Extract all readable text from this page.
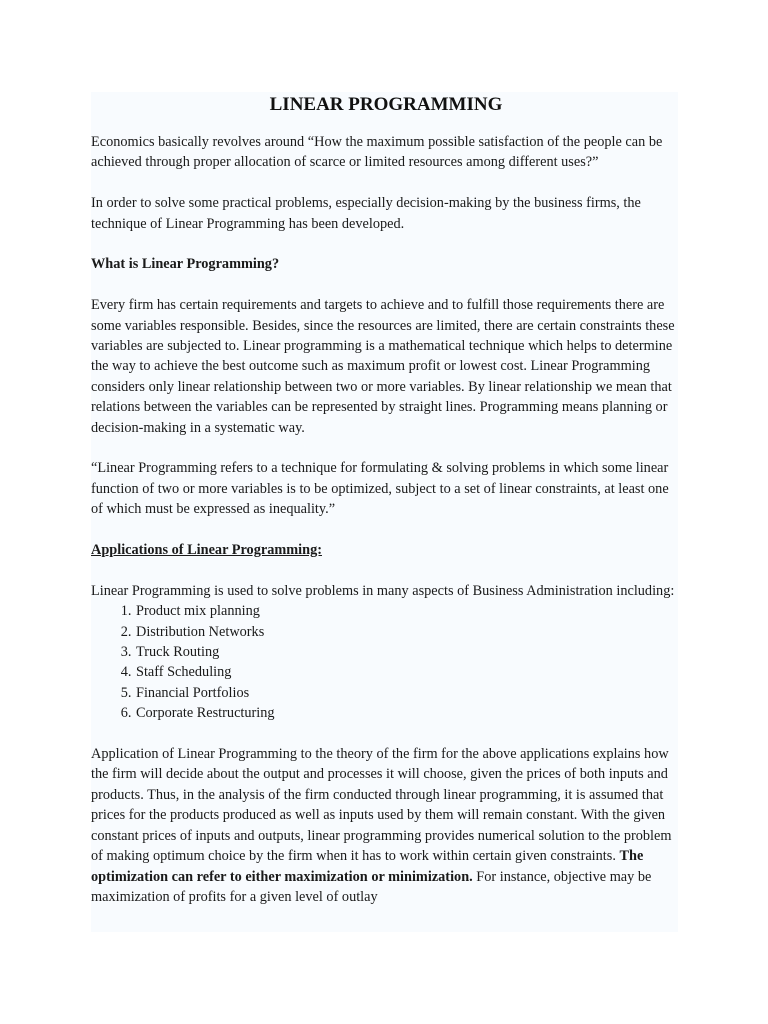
LINEAR PROGRAMMING

Economics basically revolves around “How the maximum possible satisfaction of the people can be achieved through proper allocation of scarce or limited resources among different uses?”

In order to solve some practical problems, especially decision-making by the business firms, the technique of Linear Programming has been developed.

What is Linear Programming?

Every firm has certain requirements and targets to achieve and to fulfill those requirements there are some variables responsible. Besides, since the resources are limited, there are certain constraints these variables are subjected to. Linear programming is a mathematical technique which helps to determine the way to achieve the best outcome such as maximum profit or lowest cost. Linear Programming considers only linear relationship between two or more variables. By linear relationship we mean that relations between the variables can be represented by straight lines. Programming means planning or decision-making in a systematic way.

“Linear Programming refers to a technique for formulating & solving problems in which some linear function of two or more variables is to be optimized, subject to a set of linear constraints, at least one of which must be expressed as inequality.”

Applications of Linear Programming:

Linear Programming is used to solve problems in many aspects of Business Administration including:

1. Product mix planning
2. Distribution Networks
3. Truck Routing
4. Staff Scheduling
5. Financial Portfolios
6. Corporate Restructuring

Application of Linear Programming to the theory of the firm for the above applications explains how the firm will decide about the output and processes it will choose, given the prices of both inputs and products. Thus, in the analysis of the firm conducted through linear programming, it is assumed that prices for the products produced as well as inputs used by them will remain constant. With the given constant prices of inputs and outputs, linear programming provides numerical solution to the problem of making optimum choice by the firm when it has to work within certain given constraints. The optimization can refer to either maximization or minimization. For instance, objective may be maximization of profits for a given level of outlay
